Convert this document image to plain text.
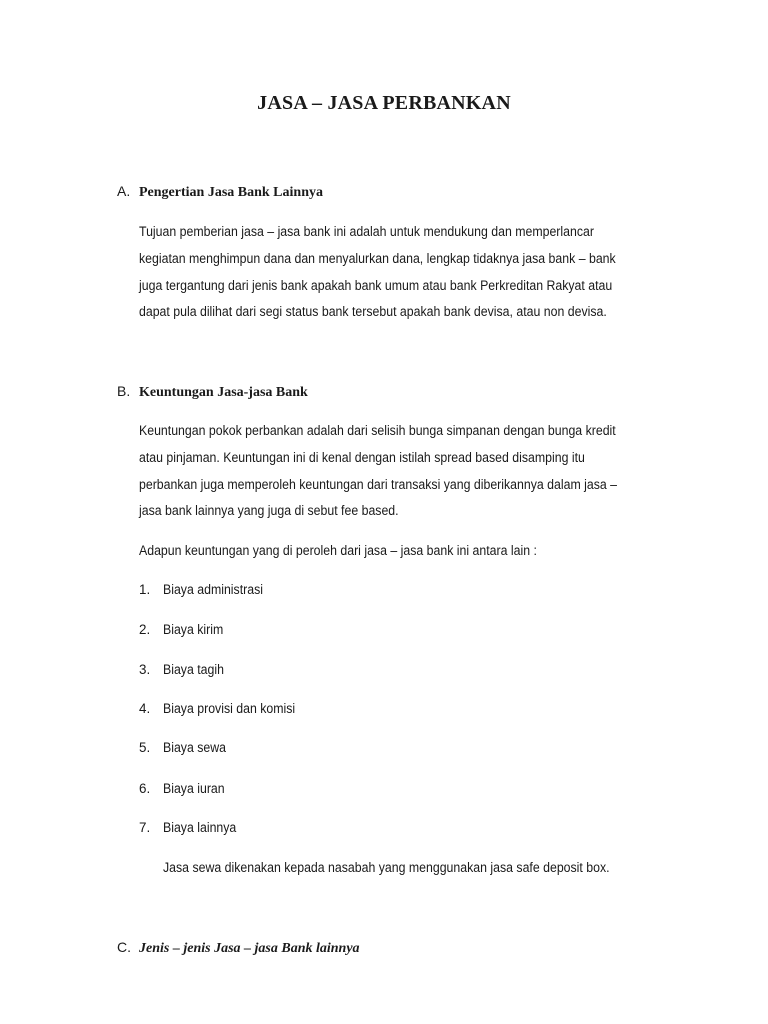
JASA – JASA PERBANKAN
A. Pengertian Jasa Bank Lainnya
Tujuan pemberian jasa – jasa bank ini adalah untuk mendukung dan memperlancar
kegiatan menghimpun dana dan menyalurkan dana, lengkap tidaknya jasa bank – bank
juga tergantung dari jenis bank apakah bank umum atau bank Perkreditan Rakyat atau
dapat pula dilihat dari segi status bank tersebut apakah bank devisa, atau non devisa.
B. Keuntungan Jasa-jasa Bank
Keuntungan pokok perbankan adalah dari selisih bunga simpanan dengan bunga kredit
atau pinjaman. Keuntungan ini di kenal dengan istilah spread based disamping itu
perbankan juga memperoleh keuntungan dari transaksi yang diberikannya dalam jasa –
jasa bank lainnya yang juga di sebut fee based.
Adapun keuntungan yang di peroleh dari jasa – jasa bank ini antara lain :
1. Biaya administrasi
2. Biaya kirim
3. Biaya tagih
4. Biaya provisi dan komisi
5. Biaya sewa
6. Biaya iuran
7. Biaya lainnya
Jasa sewa dikenakan kepada nasabah yang menggunakan jasa safe deposit box.
C. Jenis – jenis Jasa – jasa Bank lainnya
